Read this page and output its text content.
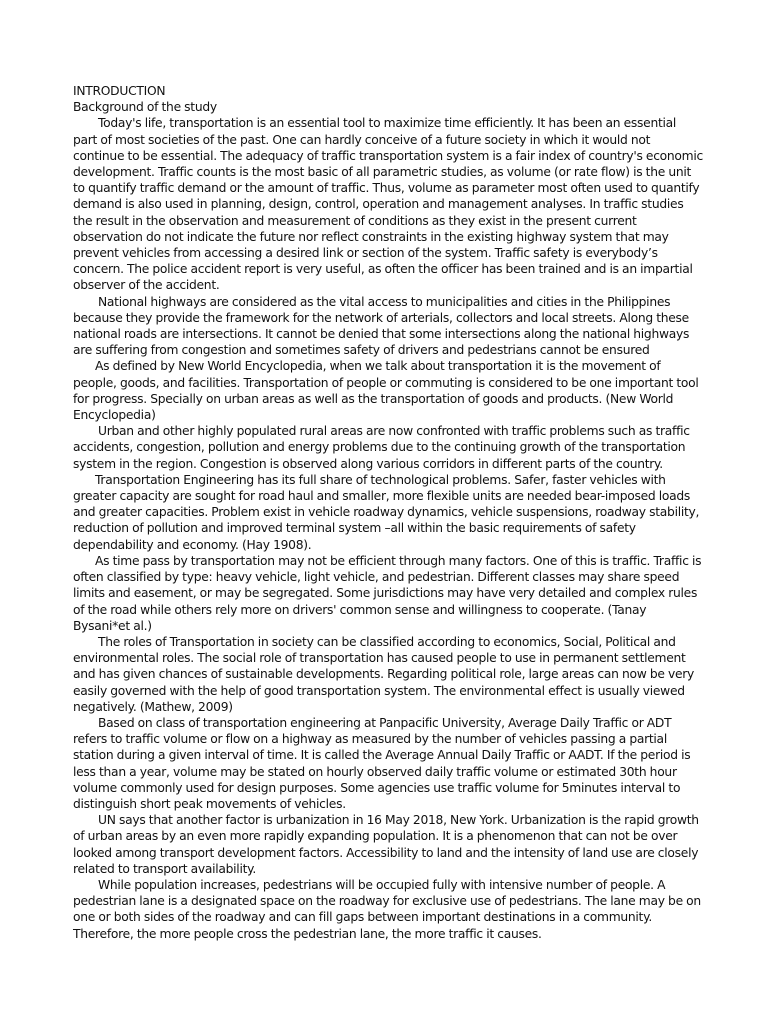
INTRODUCTION

Background of the study

Today's life, transportation is an essential tool to maximize time efficiently. It has been an essential part of most societies of the past. One can hardly conceive of a future society in which it would not continue to be essential. The adequacy of traffic transportation system is a fair index of country's economic development. Traffic counts is the most basic of all parametric studies, as volume (or rate flow) is the unit to quantify traffic demand or the amount of traffic. Thus, volume as parameter most often used to quantify demand is also used in planning, design, control, operation and management analyses. In traffic studies the result in the observation and measurement of conditions as they exist in the present current observation do not indicate the future nor reflect constraints in the existing highway system that may prevent vehicles from accessing a desired link or section of the system. Traffic safety is everybody’s concern. The police accident report is very useful, as often the officer has been trained and is an impartial observer of the accident.

National highways are considered as the vital access to municipalities and cities in the Philippines because they provide the framework for the network of arterials, collectors and local streets. Along these national roads are intersections. It cannot be denied that some intersections along the national highways are suffering from congestion and sometimes safety of drivers and pedestrians cannot be ensured

As defined by New World Encyclopedia, when we talk about transportation it is the movement of people, goods, and facilities. Transportation of people or commuting is considered to be one important tool for progress. Specially on urban areas as well as the transportation of goods and products. (New World Encyclopedia)

Urban and other highly populated rural areas are now confronted with traffic problems such as traffic accidents, congestion, pollution and energy problems due to the continuing growth of the transportation system in the region. Congestion is observed along various corridors in different parts of the country.

Transportation Engineering has its full share of technological problems. Safer, faster vehicles with greater capacity are sought for road haul and smaller, more flexible units are needed bear-imposed loads and greater capacities. Problem exist in vehicle roadway dynamics, vehicle suspensions, roadway stability, reduction of pollution and improved terminal system –all within the basic requirements of safety dependability and economy. (Hay 1908).

As time pass by transportation may not be efficient through many factors. One of this is traffic. Traffic is often classified by type: heavy vehicle, light vehicle, and pedestrian. Different classes may share speed limits and easement, or may be segregated. Some jurisdictions may have very detailed and complex rules of the road while others rely more on drivers' common sense and willingness to cooperate. (Tanay Bysani*et al.)

The roles of Transportation in society can be classified according to economics, Social, Political and environmental roles. The social role of transportation has caused people to use in permanent settlement and has given chances of sustainable developments. Regarding political role, large areas can now be very easily governed with the help of good transportation system. The environmental effect is usually viewed negatively. (Mathew, 2009)

Based on class of transportation engineering at Panpacific University, Average Daily Traffic or ADT refers to traffic volume or flow on a highway as measured by the number of vehicles passing a partial station during a given interval of time. It is called the Average Annual Daily Traffic or AADT. If the period is less than a year, volume may be stated on hourly observed daily traffic volume or estimated 30th hour volume commonly used for design purposes. Some agencies use traffic volume for 5minutes interval to distinguish short peak movements of vehicles.

UN says that another factor is urbanization in 16 May 2018, New York. Urbanization is the rapid growth of urban areas by an even more rapidly expanding population. It is a phenomenon that can not be over looked among transport development factors. Accessibility to land and the intensity of land use are closely related to transport availability.

While population increases, pedestrians will be occupied fully with intensive number of people. A pedestrian lane is a designated space on the roadway for exclusive use of pedestrians. The lane may be on one or both sides of the roadway and can fill gaps between important destinations in a community. Therefore, the more people cross the pedestrian lane, the more traffic it causes.
